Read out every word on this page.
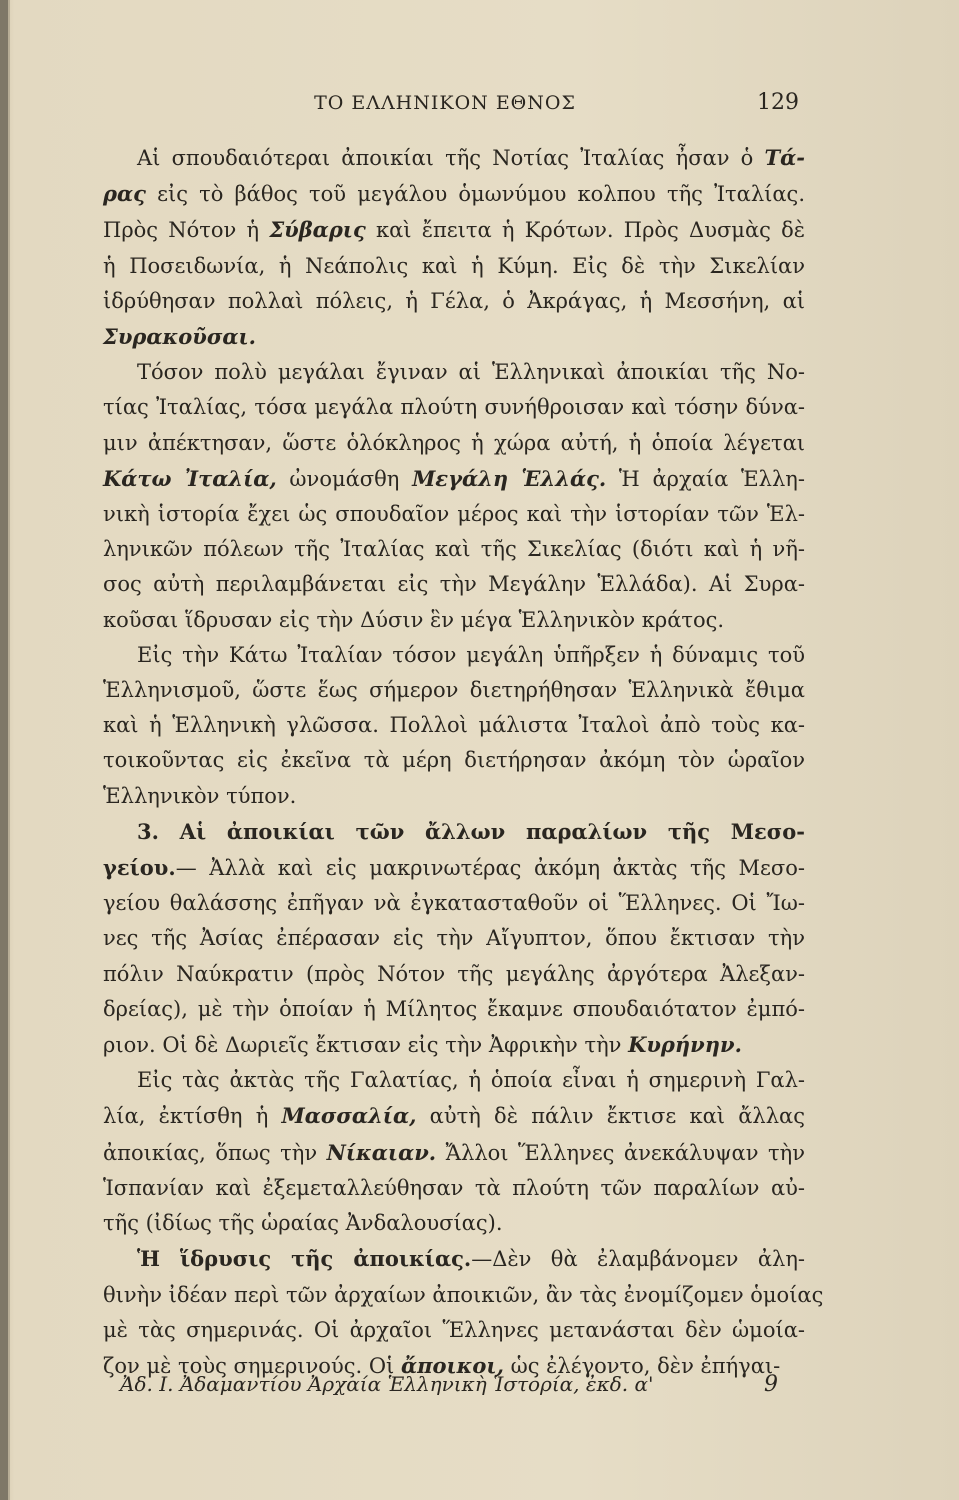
ΤΟ ΕΛΛΗΝΙΚΟΝ ΕΘΝΟΣ	129
Αἱ σπουδαιότεραι ἀποικίαι τῆς Νοτίας Ἰταλίας ἦσαν ὁ Τά-
ρας εἰς τὸ βάθος τοῦ μεγάλου ὁμωνύμου κολπου τῆς Ἰταλίας.
Πρὸς Νότον ἡ Σύβαρις καὶ ἔπειτα ἡ Κρότων. Πρὸς Δυσμὰς δὲ
ἡ Ποσειδωνία, ἡ Νεάπολις καὶ ἡ Κύμη. Εἰς δὲ τὴν Σικελίαν
ἱδρύθησαν πολλαὶ πόλεις, ἡ Γέλα, ὁ Ἀκράγας, ἡ Μεσσήνη, αἱ
Συρακοῦσαι.
Τόσον πολὺ μεγάλαι ἔγιναν αἱ Ἑλληνικαὶ ἀποικίαι τῆς Νο-
τίας Ἰταλίας, τόσα μεγάλα πλούτη συνήθροισαν καὶ τόσην δύνα-
μιν ἀπέκτησαν, ὥστε ὁλόκληρος ἡ χώρα αὐτή, ἡ ὁποία λέγεται
Κάτω Ἰταλία, ὠνομάσθη Μεγάλη Ἑλλάς. Ἡ ἀρχαία Ἑλλη-
νικὴ ἱστορία ἔχει ὡς σπουδαῖον μέρος καὶ τὴν ἱστορίαν τῶν Ἑλ-
ληνικῶν πόλεων τῆς Ἰταλίας καὶ τῆς Σικελίας (διότι καὶ ἡ νῆ-
σος αὐτὴ περιλαμβάνεται εἰς τὴν Μεγάλην Ἑλλάδα). Αἱ Συρα-
κοῦσαι ἵδρυσαν εἰς τὴν Δύσιν ἓν μέγα Ἑλληνικὸν κράτος.
Εἰς τὴν Κάτω Ἰταλίαν τόσον μεγάλη ὑπῆρξεν ἡ δύναμις τοῦ
Ἑλληνισμοῦ, ὥστε ἕως σήμερον διετηρήθησαν Ἑλληνικὰ ἔθιμα
καὶ ἡ Ἑλληνικὴ γλῶσσα. Πολλοὶ μάλιστα Ἰταλοὶ ἀπὸ τοὺς κα-
τοικοῦντας εἰς ἐκεῖνα τὰ μέρη διετήρησαν ἀκόμη τὸν ὡραῖον
Ἑλληνικὸν τύπον.
3. Αἱ ἀποικίαι τῶν ἄλλων παραλίων τῆς Μεσο-
γείου.— Ἀλλὰ καὶ εἰς μακρινωτέρας ἀκόμη ἀκτὰς τῆς Μεσο-
γείου θαλάσσης ἐπῆγαν νὰ ἐγκατασταθοῦν οἱ Ἕλληνες. Οἱ Ἴω-
νες τῆς Ἀσίας ἐπέρασαν εἰς τὴν Αἴγυπτον, ὅπου ἔκτισαν τὴν
πόλιν Ναύκρατιν (πρὸς Νότον τῆς μεγάλης ἀργότερα Ἀλεξαν-
δρείας), μὲ τὴν ὁποίαν ἡ Μίλητος ἔκαμνε σπουδαιότατον ἐμπό-
ριον. Οἱ δὲ Δωριεῖς ἔκτισαν εἰς τὴν Ἀφρικὴν τὴν Κυρήνην.
Εἰς τὰς ἀκτὰς τῆς Γαλατίας, ἡ ὁποία εἶναι ἡ σημερινὴ Γαλ-
λία, ἐκτίσθη ἡ Μασσαλία, αὐτὴ δὲ πάλιν ἔκτισε καὶ ἄλλας
ἀποικίας, ὅπως τὴν Νίκαιαν. Ἄλλοι Ἕλληνες ἀνεκάλυψαν τὴν
Ἱσπανίαν καὶ ἐξεμεταλλεύθησαν τὰ πλούτη τῶν παραλίων αὐ-
τῆς (ἰδίως τῆς ὡραίας Ἀνδαλουσίας).
Ἡ ἵδρυσις τῆς ἀποικίας.—Δὲν θὰ ἐλαμβάνομεν ἀλη-
θινὴν ἰδέαν περὶ τῶν ἀρχαίων ἀποικιῶν, ἂν τὰς ἐνομίζομεν ὁμοίας
μὲ τὰς σημερινάς. Οἱ ἀρχαῖοι Ἕλληνες μετανάσται δὲν ὡμοία-
ζον μὲ τοὺς σημερινούς. Οἱ ἄποικοι, ὡς ἐλέγοντο, δὲν ἐπήγαι-
Ἀδ. Ι. Ἀδαμαντίου Ἀρχαία Ἑλληνικὴ Ἱστορία, ἐκδ. α'	9
